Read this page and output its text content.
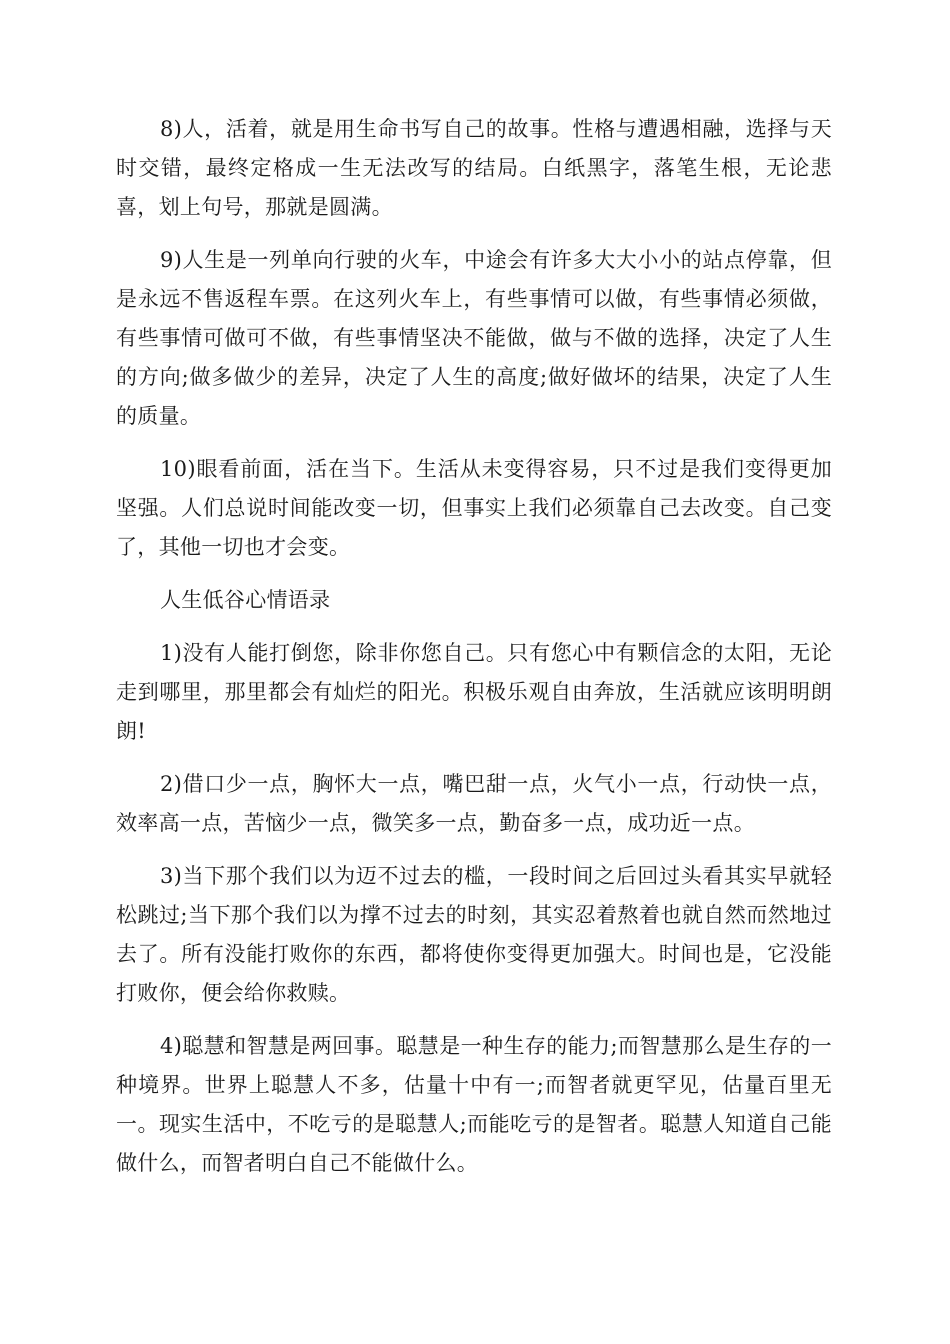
8)人，活着，就是用生命书写自己的故事。性格与遭遇相融，选择与天时交错，最终定格成一生无法改写的结局。白纸黑字，落笔生根，无论悲喜，划上句号，那就是圆满。

9)人生是一列单向行驶的火车，中途会有许多大大小小的站点停靠，但是永远不售返程车票。在这列火车上，有些事情可以做，有些事情必须做，有些事情可做可不做，有些事情坚决不能做，做与不做的选择，决定了人生的方向;做多做少的差异，决定了人生的高度;做好做坏的结果，决定了人生的质量。

10)眼看前面，活在当下。生活从未变得容易，只不过是我们变得更加坚强。人们总说时间能改变一切，但事实上我们必须靠自己去改变。自己变了，其他一切也才会变。

人生低谷心情语录

1)没有人能打倒您，除非你您自己。只有您心中有颗信念的太阳，无论走到哪里，那里都会有灿烂的阳光。积极乐观自由奔放，生活就应该明明朗朗!

2)借口少一点，胸怀大一点，嘴巴甜一点，火气小一点，行动快一点，效率高一点，苦恼少一点，微笑多一点，勤奋多一点，成功近一点。

3)当下那个我们以为迈不过去的槛，一段时间之后回过头看其实早就轻松跳过;当下那个我们以为撑不过去的时刻，其实忍着熬着也就自然而然地过去了。所有没能打败你的东西，都将使你变得更加强大。时间也是，它没能打败你，便会给你救赎。

4)聪慧和智慧是两回事。聪慧是一种生存的能力;而智慧那么是生存的一种境界。世界上聪慧人不多，估量十中有一;而智者就更罕见，估量百里无一。现实生活中，不吃亏的是聪慧人;而能吃亏的是智者。聪慧人知道自己能做什么，而智者明白自己不能做什么。
